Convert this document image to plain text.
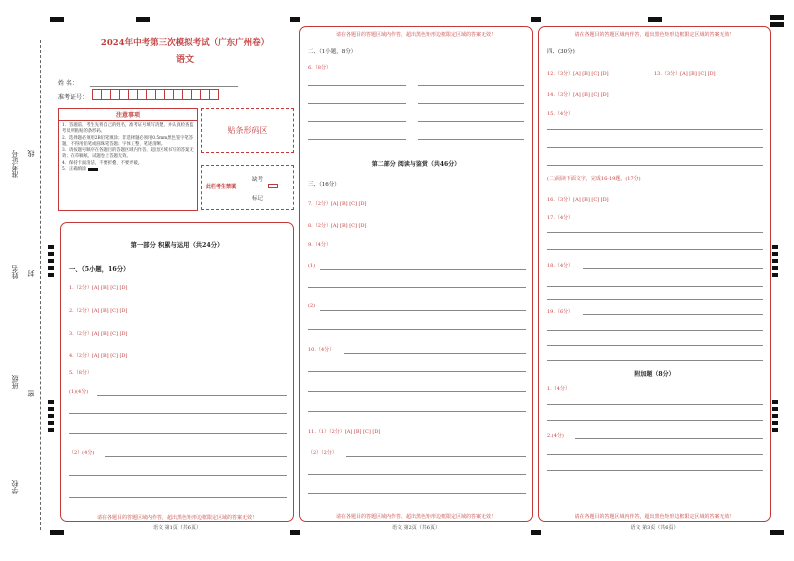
准考证号 线
姓名 封
班级
密
学校
2024年中考第三次模拟考试（广东广州卷）
语文
姓 名：
准考证号：
注意事项
1．答题前，考生先将自己的姓名，准考证号填写清楚，并认真检查监考员所粘贴的条形码。
2．选择题必须用2B铅笔填涂；非选择题必须用0.5mm黑色签字笔答题，不得用铅笔或圆珠笔答题；字体工整、笔迹清晰。
3．请按题号顺序在各题目的答题区域内作答，超出区域书写的答案无效；在草稿纸、试题卷上答题无效。
4．保持卡面清洁，不要折叠、不要弄破。
5．正确填涂
贴条形码区
此栏考生禁填
缺考
标记
第一部分 积累与运用（共24分）
一、（5小题，16分）
1.（2分）[A] [B] [C] [D]
2.（2分）[A] [B] [C] [D]
3.（2分）[A] [B] [C] [D]
4.（2分）[A] [B] [C] [D]
5.（8分）
(1)(4分)
（2）(4分)
请在各题目的答题区域内作答，超出黑色矩形边框限定区域的答案无效！
语文 第1页（共6页）
请在各题目的答题区域内作答，超出黑色矩形边框限定区域的答案无效！
二、（1小题，8分）
6.（8分）
第二部分 阅读与鉴赏（共46分）
三、（16分）
7.（2分）[A] [B] [C] [D]
8.（2分）[A] [B] [C] [D]
9.（4分）
(1)
(2)
10.（4分）
11.（1）（2分）[A] [B] [C] [D]
（2）（2分）
请在各题目的答题区域内作答，超出黑色矩形边框限定区域的答案无效！
语文 第2页（共6页）
请在各题目的答题区域内作答，超出黑色矩形边框限定区域的答案无效！
四、(30分)
12.（3分）[A] [B] [C] [D]	13.（3分）[A] [B] [C] [D]
14.（3分）[A] [B] [C] [D]
15.（4分）
(二)阅读下面文字，完成16-19题。(17分)
16.（3分）[A] [B] [C] [D]
17.（4分）
18.（4分）
19.（6分）
附加题（8分）
1.（4分）
2.(4分)
请在各题目的答题区域内作答，超出黑色矩形边框限定区域的答案无效！
语文 第3页（共6页）
